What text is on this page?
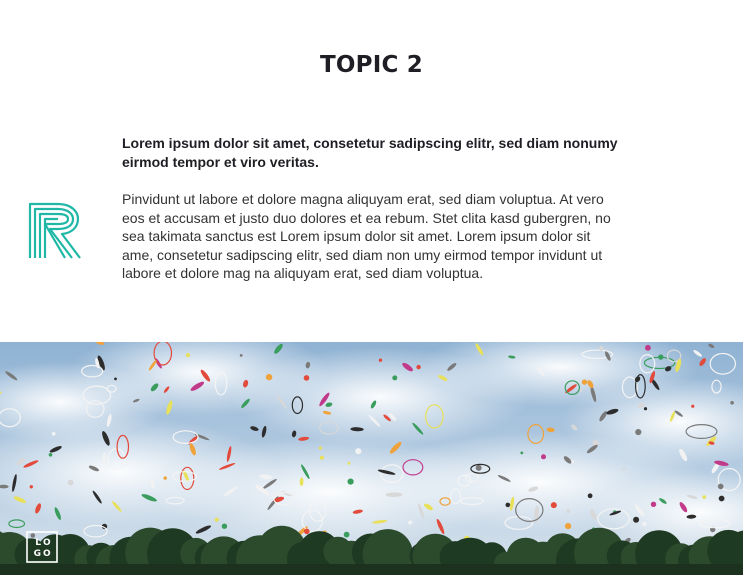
TOPIC 2
Lorem ipsum dolor sit amet, consetetur sadipscing elitr, sed diam nonumy eirmod tempor et viro veritas.
Pinvidunt ut labore et dolore magna aliquyam erat, sed diam voluptua. At vero eos et accusam et justo duo dolores et ea rebum. Stet clita kasd gubergren, no sea takimata sanctus est Lorem ipsum dolor sit amet. Lorem ipsum dolor sit ame, consetetur sadipscing elitr, sed diam non umy eirmod tempor invidunt ut labore et dolore mag na aliquyam erat, sed diam voluptua.
L O
G O
